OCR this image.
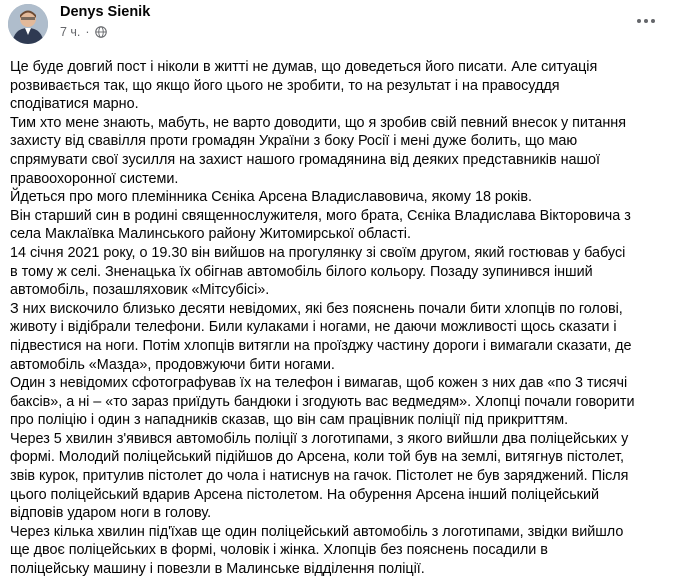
Denys Sienik
7 ч. ·
Це буде довгий пост і ніколи в житті не думав, що доведеться його писати. Але ситуація
розвивається так, що якщо його цього не зробити, то на результат і на правосуддя
сподіватися марно.
Тим хто мене знають, мабуть, не варто доводити, що я зробив свій певний внесок у питання
захисту від свавілля проти громадян України з боку Росії і мені дуже болить, що маю
спрямувати свої зусилля на захист нашого громадянина від деяких представників нашої
правоохоронної системи.
Йдеться про мого племінника Сєніка Арсена Владиславовича, якому 18 років.
Він старший син в родині священнослужителя, мого брата, Сєніка Владислава Вікторовича з
села Маклаївка Малинського району Житомирської області.
14 січня 2021 року, о 19.30 він вийшов на прогулянку зі своїм другом, який гостював у бабусі
в тому ж селі. Зненацька їх обігнав автомобіль білого кольору. Позаду зупинився інший
автомобіль, позашляховик «Мітсубісі».
З них вискочило близько десяти невідомих, які без пояснень почали бити хлопців по голові,
животу і відібрали телефони. Били кулаками і ногами, не даючи можливості щось сказати і
підвестися на ноги. Потім хлопців витягли на проїзджу частину дороги і вимагали сказати, де
автомобіль «Мазда», продовжуючи бити ногами.
Один з невідомих сфотографував їх на телефон і вимагав, щоб кожен з них дав «по 3 тисячі
баксів», а ні – «то зараз приїдуть бандюки і згодують вас ведмедям». Хлопці почали говорити
про поліцію і один з нападників сказав, що він сам працівник поліції під прикриттям.
Через 5 хвилин з'явився автомобіль поліції з логотипами, з якого вийшли два поліцейських у
формі. Молодий поліцейський підійшов до Арсена, коли той був на землі, витягнув пістолет,
звів курок, притулив пістолет до чола і натиснув на гачок. Пістолет не був заряджений. Після
цього поліцейський вдарив Арсена пістолетом. На обурення Арсена інший поліцейський
відповів ударом ноги в голову.
Через кілька хвилин під'їхав ще один поліцейський автомобіль з логотипами, звідки вийшло
ще двоє поліцейських в формі, чоловік і жінка. Хлопців без пояснень посадили в
поліцейську машину і повезли в Малинське відділення поліції.
